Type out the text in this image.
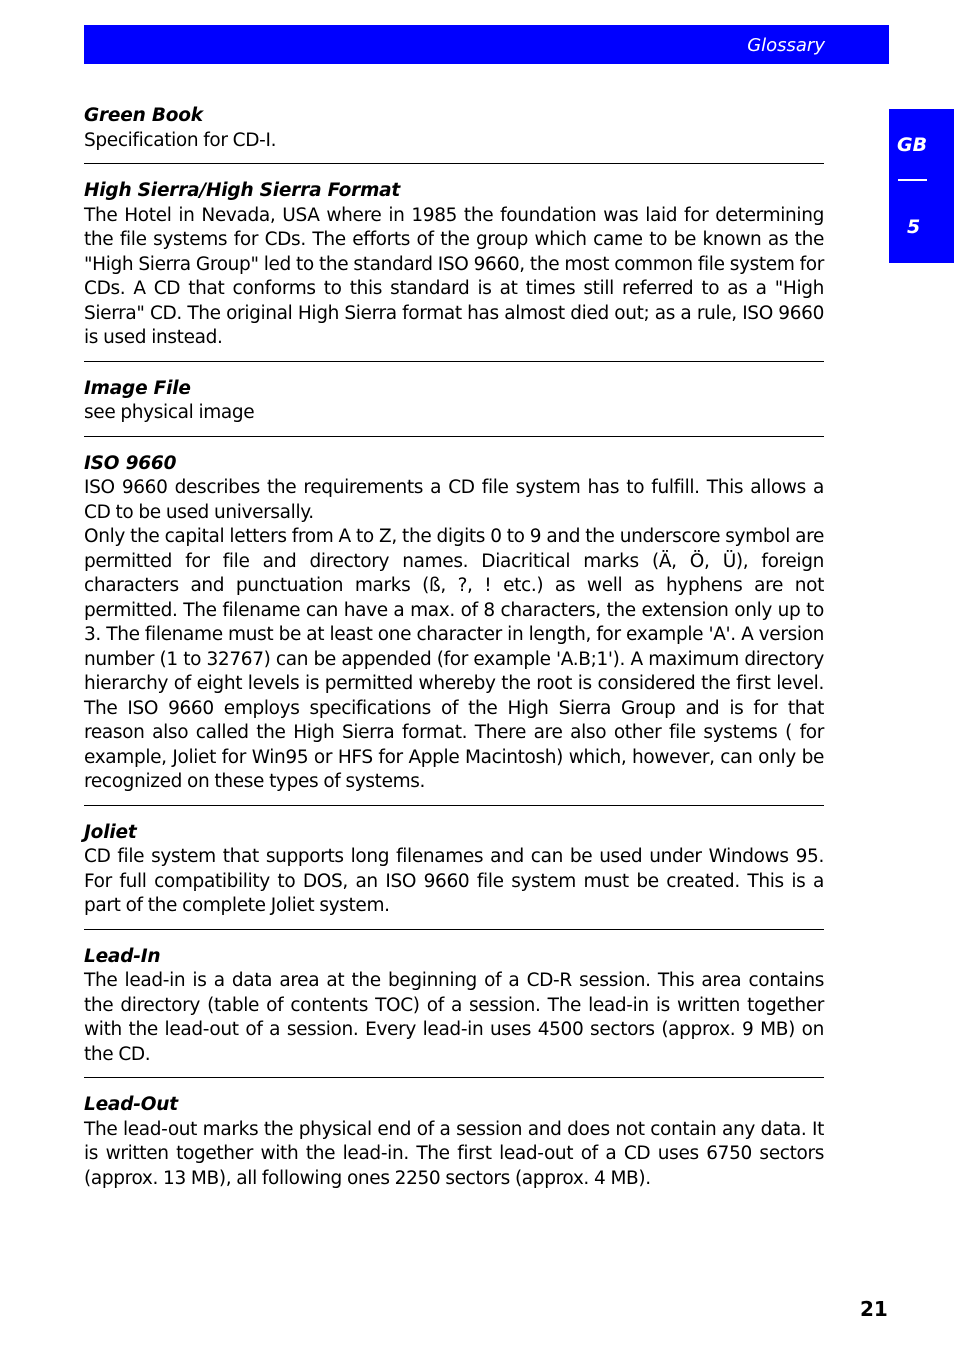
Glossary
GB
5

Green Book

Specification for CD-I.

High Sierra/High Sierra Format

The Hotel in Nevada, USA where in 1985 the foundation was laid for determining the file systems for CDs. The efforts of the group which came to be known as the "High Sierra Group" led to the standard ISO 9660, the most common file system for CDs. A CD that conforms to this standard is at times still referred to as a "High Sierra" CD. The original High Sierra format has almost died out; as a rule, ISO 9660 is used instead.

Image File

see physical image

ISO 9660

ISO 9660 describes the requirements a CD file system has to fulfill. This allows a CD to be used universally.

Only the capital letters from A to Z, the digits 0 to 9 and the underscore symbol are permitted for file and directory names. Diacritical marks (Ä, Ö, Ü), foreign characters and punctuation marks (ß, ?, ! etc.) as well as hyphens are not permitted. The filename can have a max. of 8 characters, the extension only up to 3. The filename must be at least one character in length, for example 'A'. A version number (1 to 32767) can be appended (for example 'A.B;1'). A maximum directory hierarchy of eight levels is permitted whereby the root is considered the first level. The ISO 9660 employs specifications of the High Sierra Group and is for that reason also called the High Sierra format. There are also other file systems ( for example, Joliet for Win95 or HFS for Apple Macintosh) which, however, can only be recognized on these types of systems.

Joliet

CD file system that supports long filenames and can be used under Windows 95. For full compatibility to DOS, an ISO 9660 file system must be created. This is a part of the complete Joliet system.

Lead-In

The lead-in is a data area at the beginning of a CD-R session. This area contains the directory (table of contents TOC) of a session. The lead-in is written together with the lead-out of a session. Every lead-in uses 4500 sectors (approx. 9 MB) on the CD.

Lead-Out

The lead-out marks the physical end of a session and does not contain any data. It is written together with the lead-in. The first lead-out of a CD uses 6750 sectors (approx. 13 MB), all following ones 2250 sectors (approx. 4 MB).

21
